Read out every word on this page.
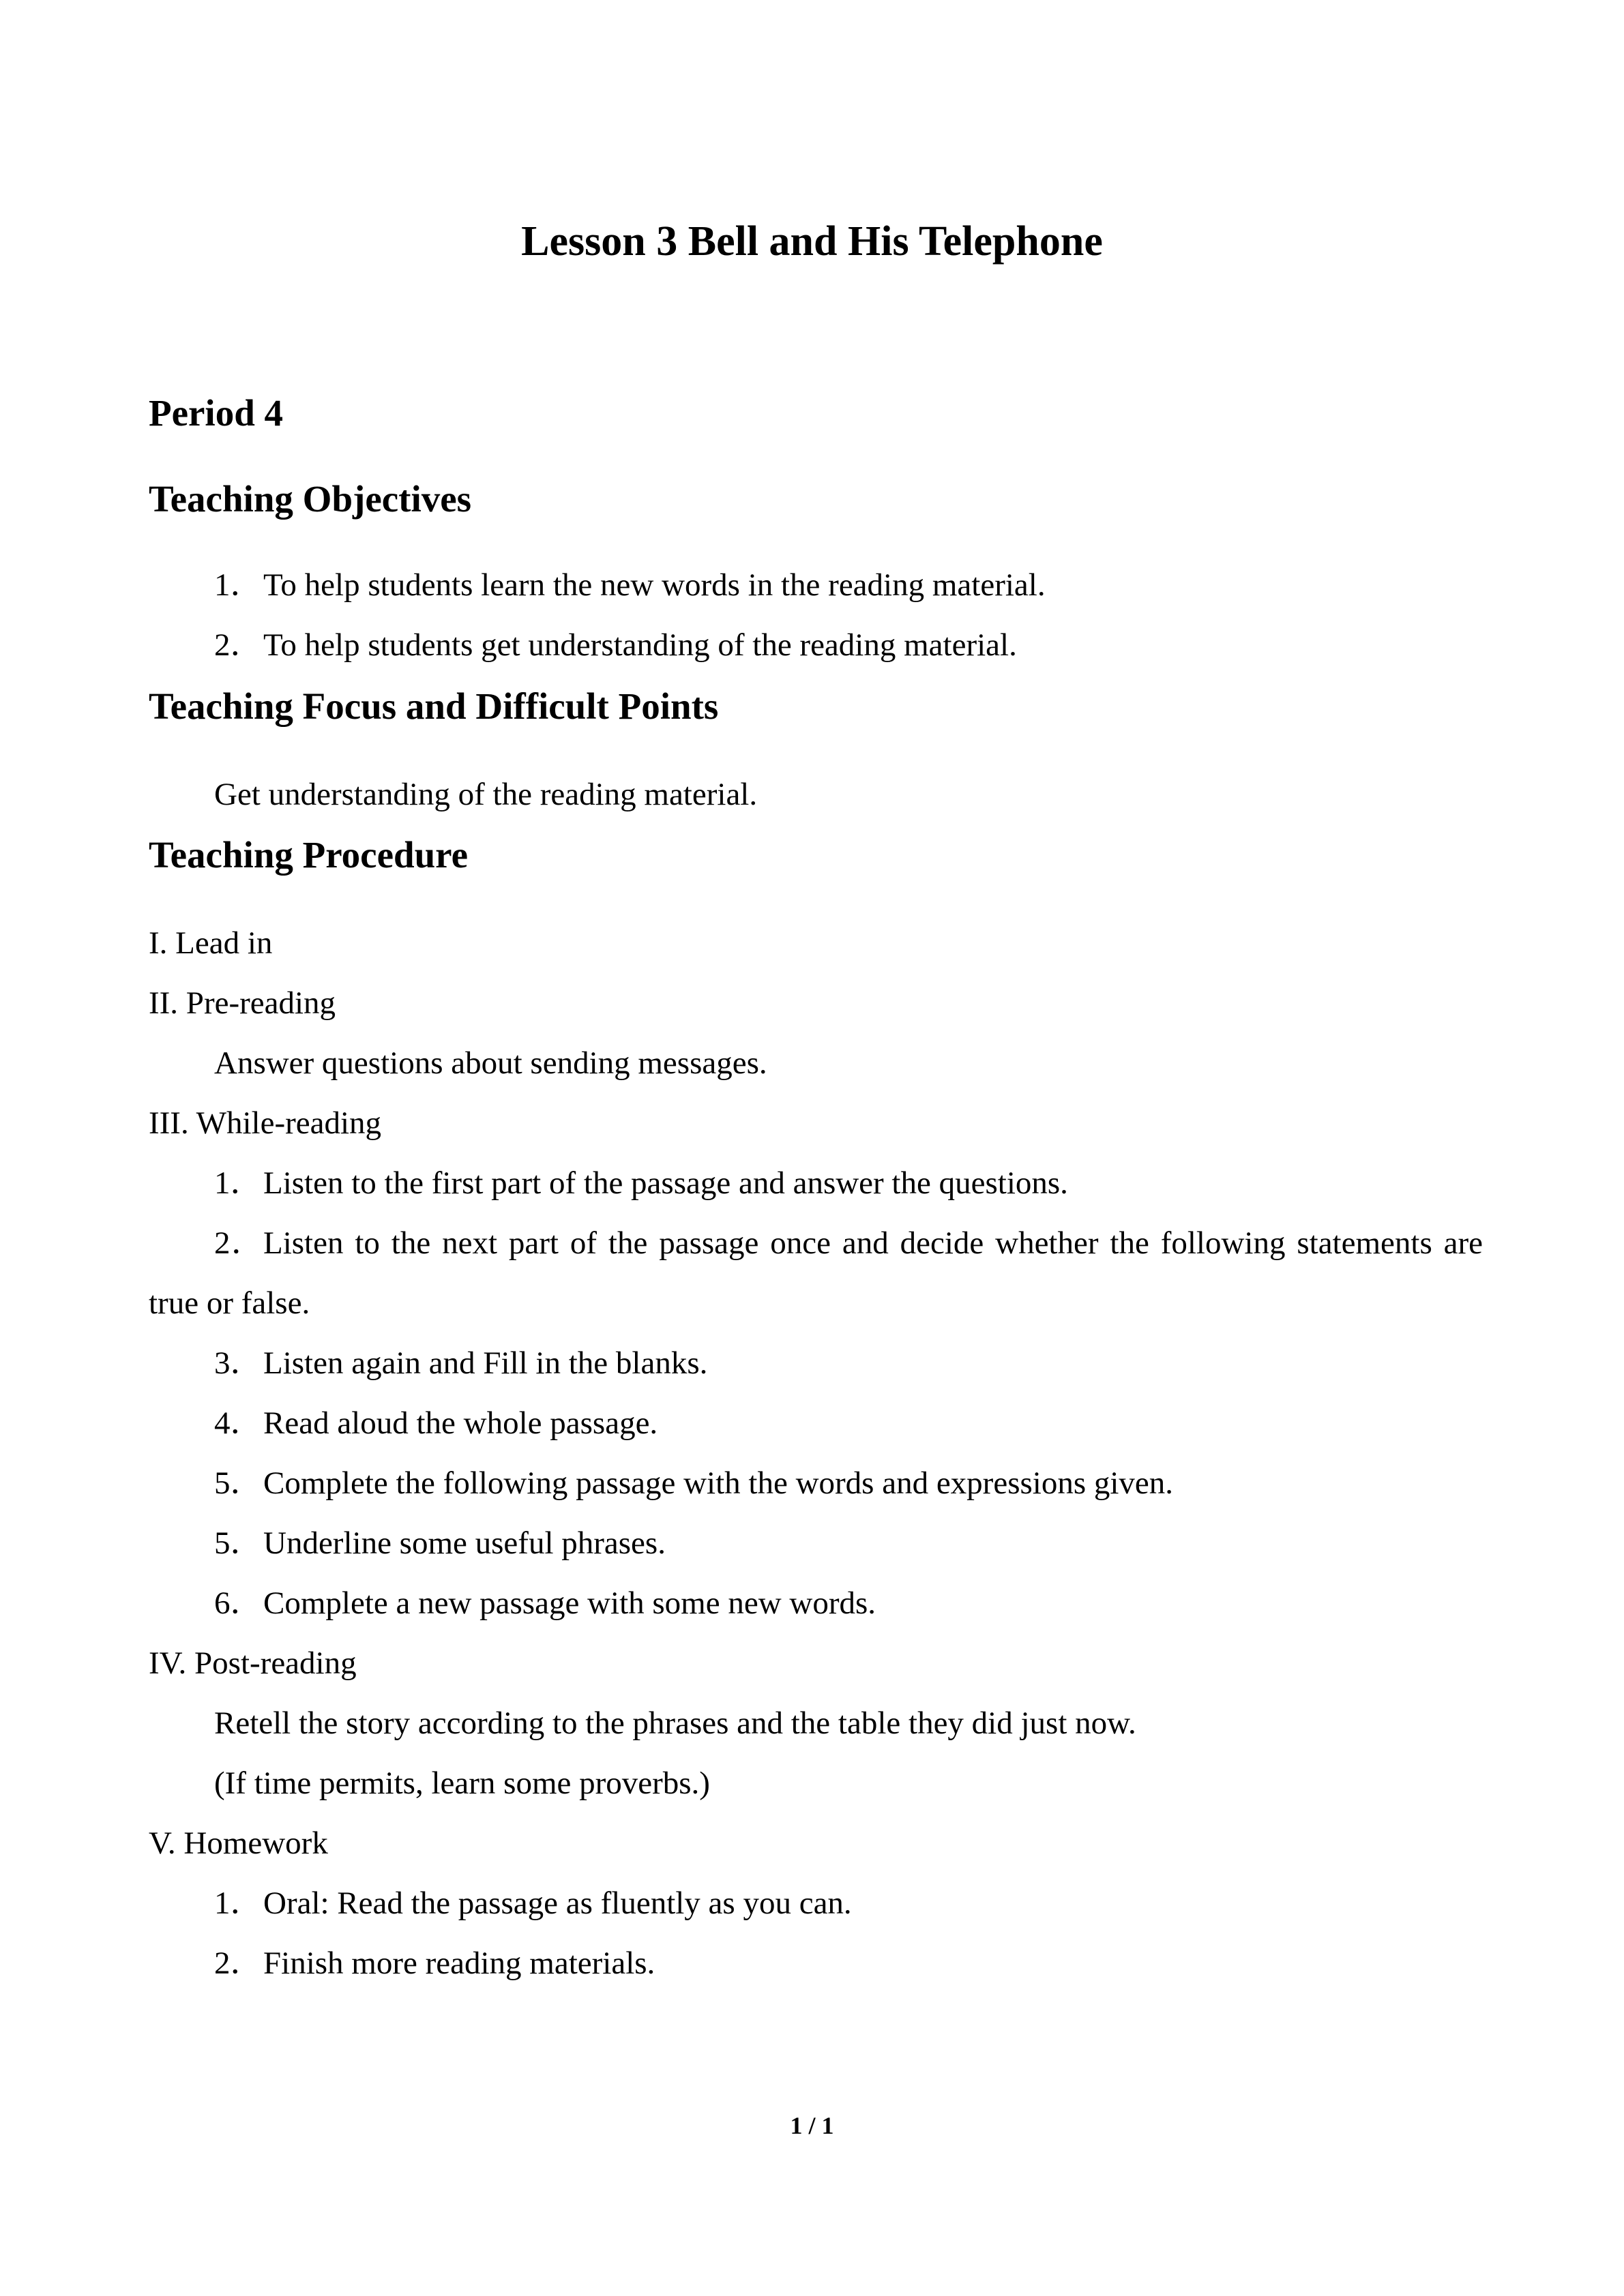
Lesson 3 Bell and His Telephone
Period 4
Teaching Objectives

1．To help students learn the new words in the reading material.

2．To help students get understanding of the reading material.

Teaching Focus and Difficult Points

Get understanding of the reading material.

Teaching Procedure

I. Lead in

II. Pre-reading

Answer questions about sending messages.

III. While-reading

1．Listen to the first part of the passage and answer the questions.

2．Listen to the next part of the passage once and decide whether the following statements are

true or false.

3．Listen again and Fill in the blanks.

4．Read aloud the whole passage.

5．Complete the following passage with the words and expressions given.

5．Underline some useful phrases.

6．Complete a new passage with some new words.

IV. Post-reading

Retell the story according to the phrases and the table they did just now.

(If time permits, learn some proverbs.)

V. Homework

1．Oral: Read the passage as fluently as you can.

2．Finish more reading materials.

1 / 1
